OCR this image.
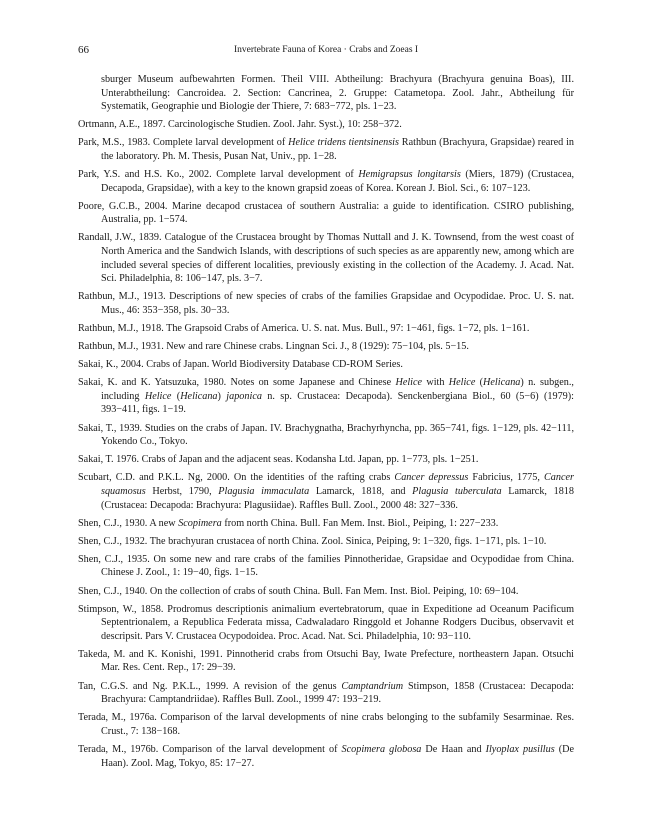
66	Invertebrate Fauna of Korea · Crabs and Zoeas I

sburger Museum aufbewahrten Formen. Theil VIII. Abtheilung: Brachyura (Brachyura genuina Boas), III. Unterabtheilung: Cancroidea. 2. Section: Cancrinea, 2. Gruppe: Catametopa. Zool. Jahr., Abtheilung für Systematik, Geographie und Biologie der Thiere, 7: 683−772, pls. 1−23.

Ortmann, A.E., 1897. Carcinologische Studien. Zool. Jahr. Syst.), 10: 258−372.

Park, M.S., 1983. Complete larval development of Helice tridens tientsinensis Rathbun (Brachyura, Grapsidae) reared in the laboratory. Ph. M. Thesis, Pusan Nat, Univ., pp. 1−28.

Park, Y.S. and H.S. Ko., 2002. Complete larval development of Hemigrapsus longitarsis (Miers, 1879) (Crustacea, Decapoda, Grapsidae), with a key to the known grapsid zoeas of Korea. Korean J. Biol. Sci., 6: 107−123.

Poore, G.C.B., 2004. Marine decapod crustacea of southern Australia: a guide to identification. CSIRO publishing, Australia, pp. 1−574.

Randall, J.W., 1839. Catalogue of the Crustacea brought by Thomas Nuttall and J. K. Townsend, from the west coast of North America and the Sandwich Islands, with descriptions of such species as are apparently new, among which are included several species of different localities, previously existing in the collection of the Academy. J. Acad. Nat. Sci. Philadelphia, 8: 106−147, pls. 3−7.

Rathbun, M.J., 1913. Descriptions of new species of crabs of the families Grapsidae and Ocypodidae. Proc. U. S. nat. Mus., 46: 353−358, pls. 30−33.

Rathbun, M.J., 1918. The Grapsoid Crabs of America. U. S. nat. Mus. Bull., 97: 1−461, figs. 1−72, pls. 1−161.

Rathbun, M.J., 1931. New and rare Chinese crabs. Lingnan Sci. J., 8 (1929): 75−104, pls. 5−15.

Sakai, K., 2004. Crabs of Japan. World Biodiversity Database CD-ROM Series.

Sakai, K. and K. Yatsuzuka, 1980. Notes on some Japanese and Chinese Helice with Helice (Helicana) n. subgen., including Helice (Helicana) japonica n. sp. Crustacea: Decapoda). Senckenbergiana Biol., 60 (5−6) (1979): 393−411, figs. 1−19.

Sakai, T., 1939. Studies on the crabs of Japan. IV. Brachygnatha, Brachyrhyncha, pp. 365−741, figs. 1−129, pls. 42−111, Yokendo Co., Tokyo.

Sakai, T. 1976. Crabs of Japan and the adjacent seas. Kodansha Ltd. Japan, pp. 1−773, pls. 1−251.

Scubart, C.D. and P.K.L. Ng, 2000. On the identities of the rafting crabs Cancer depressus Fabricius, 1775, Cancer squamosus Herbst, 1790, Plagusia immaculata Lamarck, 1818, and Plagusia tuberculata Lamarck, 1818 (Crustacea: Decapoda: Brachyura: Plagusiidae). Raffles Bull. Zool., 2000 48: 327−336.

Shen, C.J., 1930. A new Scopimera from north China. Bull. Fan Mem. Inst. Biol., Peiping, 1: 227−233.

Shen, C.J., 1932. The brachyuran crustacea of north China. Zool. Sinica, Peiping, 9: 1−320, figs. 1−171, pls. 1−10.

Shen, C.J., 1935. On some new and rare crabs of the families Pinnotheridae, Grapsidae and Ocypodidae from China. Chinese J. Zool., 1: 19−40, figs. 1−15.

Shen, C.J., 1940. On the collection of crabs of south China. Bull. Fan Mem. Inst. Biol. Peiping, 10: 69−104.

Stimpson, W., 1858. Prodromus descriptionis animalium evertebratorum, quae in Expeditione ad Oceanum Pacificum Septentrionalem, a Republica Federata missa, Cadwaladaro Ringgold et Johanne Rodgers Ducibus, observavit et descripsit. Pars V. Crustacea Ocypodoidea. Proc. Acad. Nat. Sci. Philadelphia, 10: 93−110.

Takeda, M. and K. Konishi, 1991. Pinnotherid crabs from Otsuchi Bay, Iwate Prefecture, northeastern Japan. Otsuchi Mar. Res. Cent. Rep., 17: 29−39.

Tan, C.G.S. and Ng. P.K.L., 1999. A revision of the genus Camptandrium Stimpson, 1858 (Crustacea: Decapoda: Brachyura: Camptandriidae). Raffles Bull. Zool., 1999 47: 193−219.

Terada, M., 1976a. Comparison of the larval developments of nine crabs belonging to the subfamily Sesarminae. Res. Crust., 7: 138−168.

Terada, M., 1976b. Comparison of the larval development of Scopimera globosa De Haan and Ilyoplax pusillus (De Haan). Zool. Mag, Tokyo, 85: 17−27.
